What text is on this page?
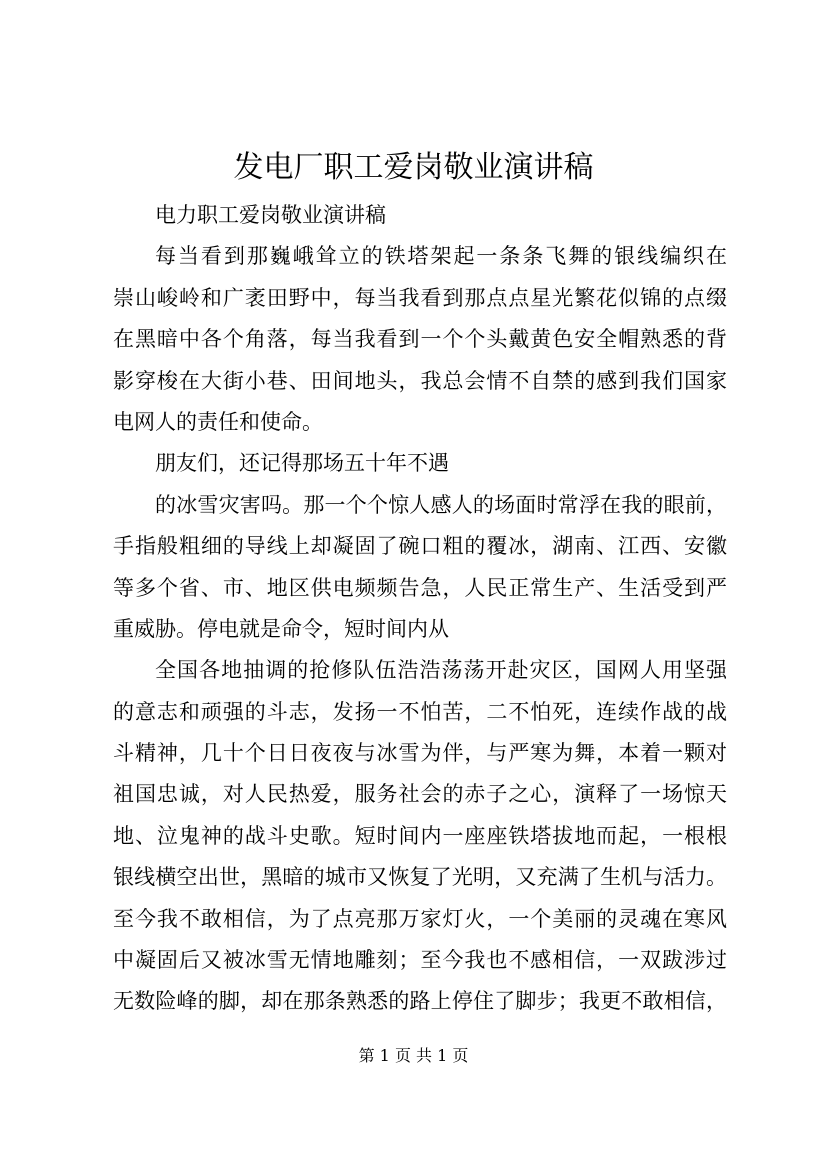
发电厂职工爱岗敬业演讲稿

电力职工爱岗敬业演讲稿

每当看到那巍峨耸立的铁塔架起一条条飞舞的银线编织在

崇山峻岭和广袤田野中，每当我看到那点点星光繁花似锦的点缀

在黑暗中各个角落，每当我看到一个个头戴黄色安全帽熟悉的背

影穿梭在大街小巷、田间地头，我总会情不自禁的感到我们国家

电网人的责任和使命。

朋友们，还记得那场五十年不遇

的冰雪灾害吗。那一个个惊人感人的场面时常浮在我的眼前，

手指般粗细的导线上却凝固了碗口粗的覆冰，湖南、江西、安徽

等多个省、市、地区供电频频告急，人民正常生产、生活受到严

重威胁。停电就是命令，短时间内从

全国各地抽调的抢修队伍浩浩荡荡开赴灾区，国网人用坚强

的意志和顽强的斗志，发扬一不怕苦，二不怕死，连续作战的战

斗精神，几十个日日夜夜与冰雪为伴，与严寒为舞，本着一颗对

祖国忠诚，对人民热爱，服务社会的赤子之心，演释了一场惊天

地、泣鬼神的战斗史歌。短时间内一座座铁塔拔地而起，一根根

银线横空出世，黑暗的城市又恢复了光明，又充满了生机与活力。

至今我不敢相信，为了点亮那万家灯火，一个美丽的灵魂在寒风

中凝固后又被冰雪无情地雕刻；至今我也不感相信，一双跋涉过

无数险峰的脚，却在那条熟悉的路上停住了脚步；我更不敢相信，

第 1 页 共 1 页
